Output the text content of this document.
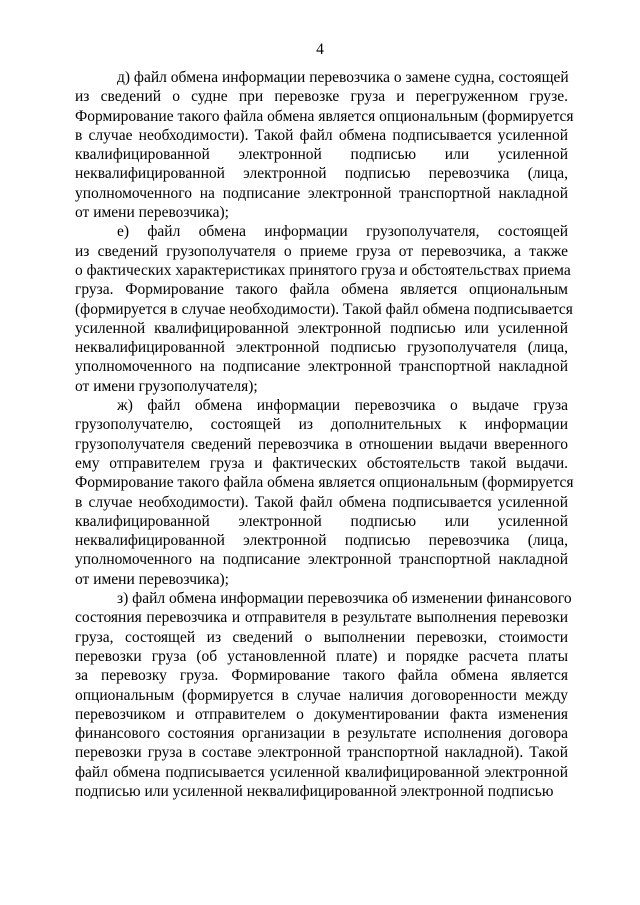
4

д) файл обмена информации перевозчика о замене судна, состоящей
из сведений о судне при перевозке груза и перегруженном грузе.
Формирование такого файла обмена является опциональным (формируется
в случае необходимости). Такой файл обмена подписывается усиленной
квалифицированной электронной подписью или усиленной
неквалифицированной электронной подписью перевозчика (лица,
уполномоченного на подписание электронной транспортной накладной
от имени перевозчика);

е) файл обмена информации грузополучателя, состоящей
из сведений грузополучателя о приеме груза от перевозчика, а также
о фактических характеристиках принятого груза и обстоятельствах приема
груза. Формирование такого файла обмена является опциональным
(формируется в случае необходимости). Такой файл обмена подписывается
усиленной квалифицированной электронной подписью или усиленной
неквалифицированной электронной подписью грузополучателя (лица,
уполномоченного на подписание электронной транспортной накладной
от имени грузополучателя);

ж) файл обмена информации перевозчика о выдаче груза
грузополучателю, состоящей из дополнительных к информации
грузополучателя сведений перевозчика в отношении выдачи вверенного
ему отправителем груза и фактических обстоятельств такой выдачи.
Формирование такого файла обмена является опциональным (формируется
в случае необходимости). Такой файл обмена подписывается усиленной
квалифицированной электронной подписью или усиленной
неквалифицированной электронной подписью перевозчика (лица,
уполномоченного на подписание электронной транспортной накладной
от имени перевозчика);

з) файл обмена информации перевозчика об изменении финансового
состояния перевозчика и отправителя в результате выполнения перевозки
груза, состоящей из сведений о выполнении перевозки, стоимости
перевозки груза (об установленной плате) и порядке расчета платы
за перевозку груза. Формирование такого файла обмена является
опциональным (формируется в случае наличия договоренности между
перевозчиком и отправителем о документировании факта изменения
финансового состояния организации в результате исполнения договора
перевозки груза в составе электронной транспортной накладной). Такой
файл обмена подписывается усиленной квалифицированной электронной
подписью или усиленной неквалифицированной электронной подписью
